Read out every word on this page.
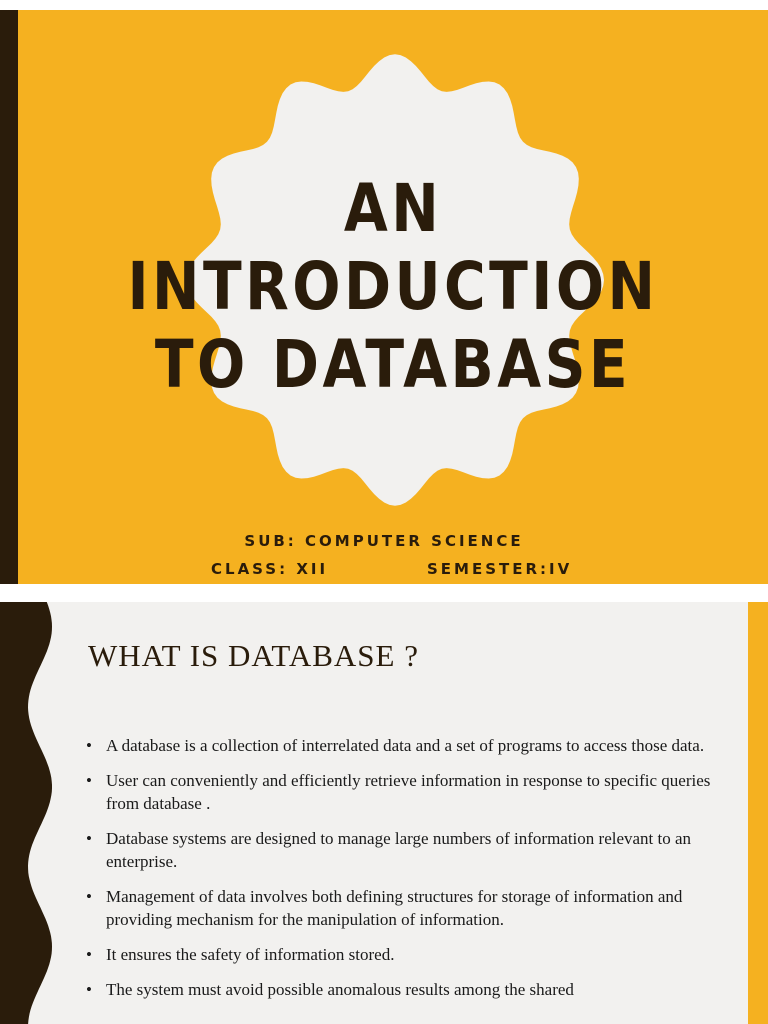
AN
INTRODUCTION
TO DATABASE
SUB: COMPUTER SCIENCE
CLASS: XII	SEMESTER:IV
WHAT IS DATABASE ?
• A database is a collection of interrelated data and a set of programs to access those data.
• User can conveniently and efficiently retrieve information in response to specific queries from database .
• Database systems are designed to manage large numbers of information relevant to an enterprise.
• Management of data involves both defining structures for storage of information and providing mechanism for the manipulation of information.
• It ensures the safety of information stored.
• The system must avoid possible anomalous results among the shared
